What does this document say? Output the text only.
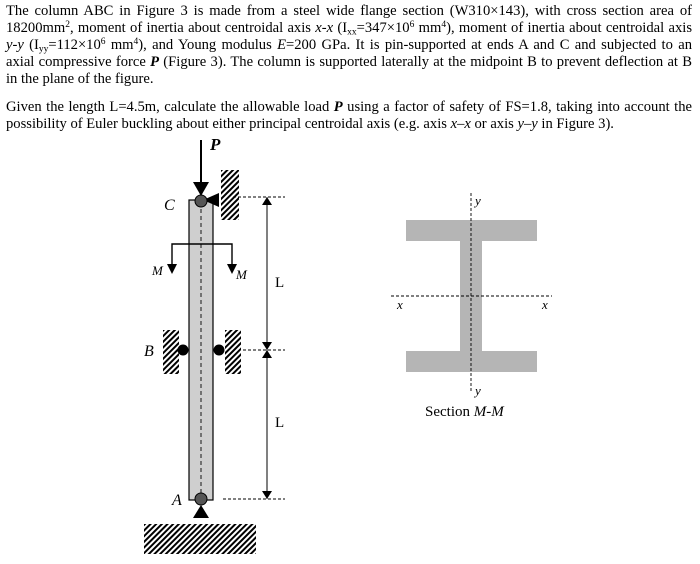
The column ABC in Figure 3 is made from a steel wide flange section (W310×143), with cross section area of $18200mm^2$, moment of inertia about centroidal axis x-x ($I_{xx}=347\times 10^6$ $mm^4$), moment of inertia about centroidal axis y-y ($I_{yy}=112\times 10^6$ $mm^4$), and Young modulus E=200 GPa. It is pin-supported at ends A and C and subjected to an axial compressive force P (Figure 3). The column is supported laterally at the midpoint B to prevent deflection at B in the plane of the figure.

Given the length L=4.5m, calculate the allowable load P using a factor of safety of FS=1.8, taking into account the possibility of Euler buckling about either principal centroidal axis (e.g. axis x–x or axis y–y in Figure 3).

P
C
M	M
B
A
L
L
y
y
x	x
Section M-M
